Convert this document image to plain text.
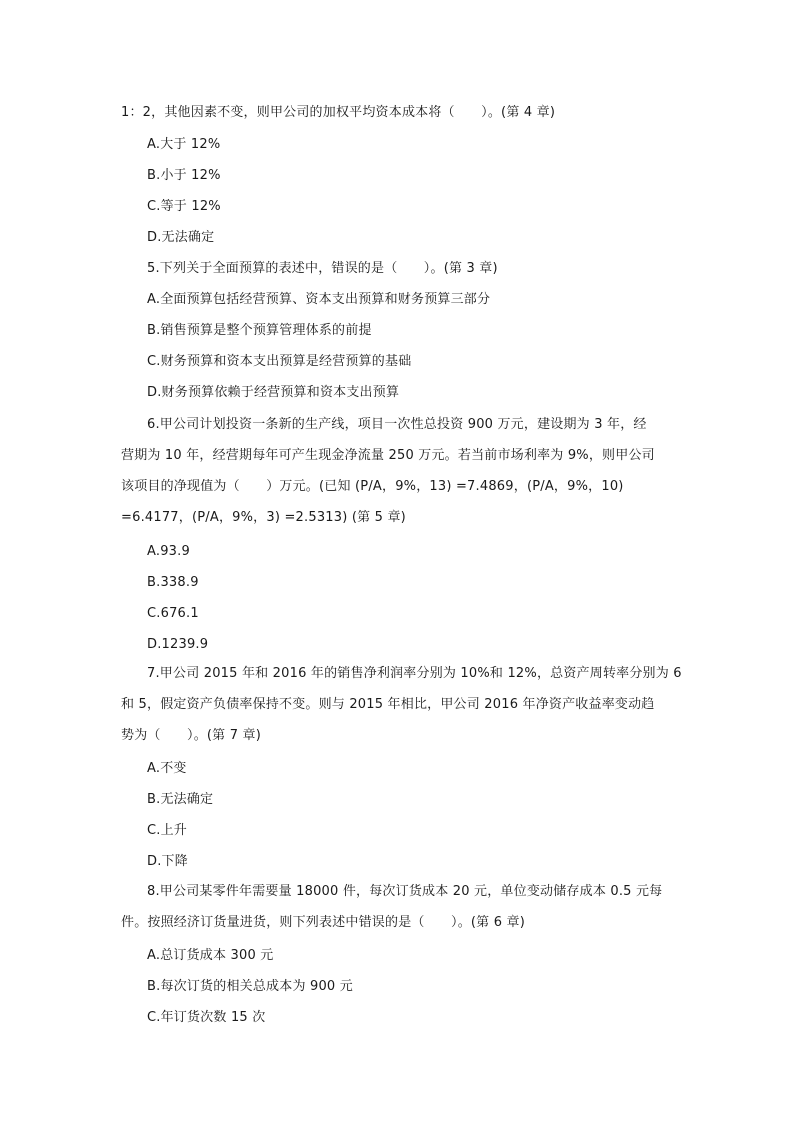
1：2，其他因素不变，则甲公司的加权平均资本成本将（　　）。(第 4 章)
A.大于 12%
B.小于 12%
C.等于 12%
D.无法确定
5.下列关于全面预算的表述中，错误的是（　　）。(第 3 章)
A.全面预算包括经营预算、资本支出预算和财务预算三部分
B.销售预算是整个预算管理体系的前提
C.财务预算和资本支出预算是经营预算的基础
D.财务预算依赖于经营预算和资本支出预算
6.甲公司计划投资一条新的生产线，项目一次性总投资 900 万元，建设期为 3 年，经
营期为 10 年，经营期每年可产生现金净流量 250 万元。若当前市场利率为 9%，则甲公司
该项目的净现值为（　　）万元。(已知 (P/A，9%，13) =7.4869，(P/A，9%，10)
=6.4177，(P/A，9%，3) =2.5313) (第 5 章)
A.93.9
B.338.9
C.676.1
D.1239.9
7.甲公司 2015 年和 2016 年的销售净利润率分别为 10%和 12%，总资产周转率分别为 6
和 5，假定资产负债率保持不变。则与 2015 年相比，甲公司 2016 年净资产收益率变动趋
势为（　　）。(第 7 章)
A.不变
B.无法确定
C.上升
D.下降
8.甲公司某零件年需要量 18000 件，每次订货成本 20 元，单位变动储存成本 0.5 元每
件。按照经济订货量进货，则下列表述中错误的是（　　）。(第 6 章)
A.总订货成本 300 元
B.每次订货的相关总成本为 900 元
C.年订货次数 15 次
